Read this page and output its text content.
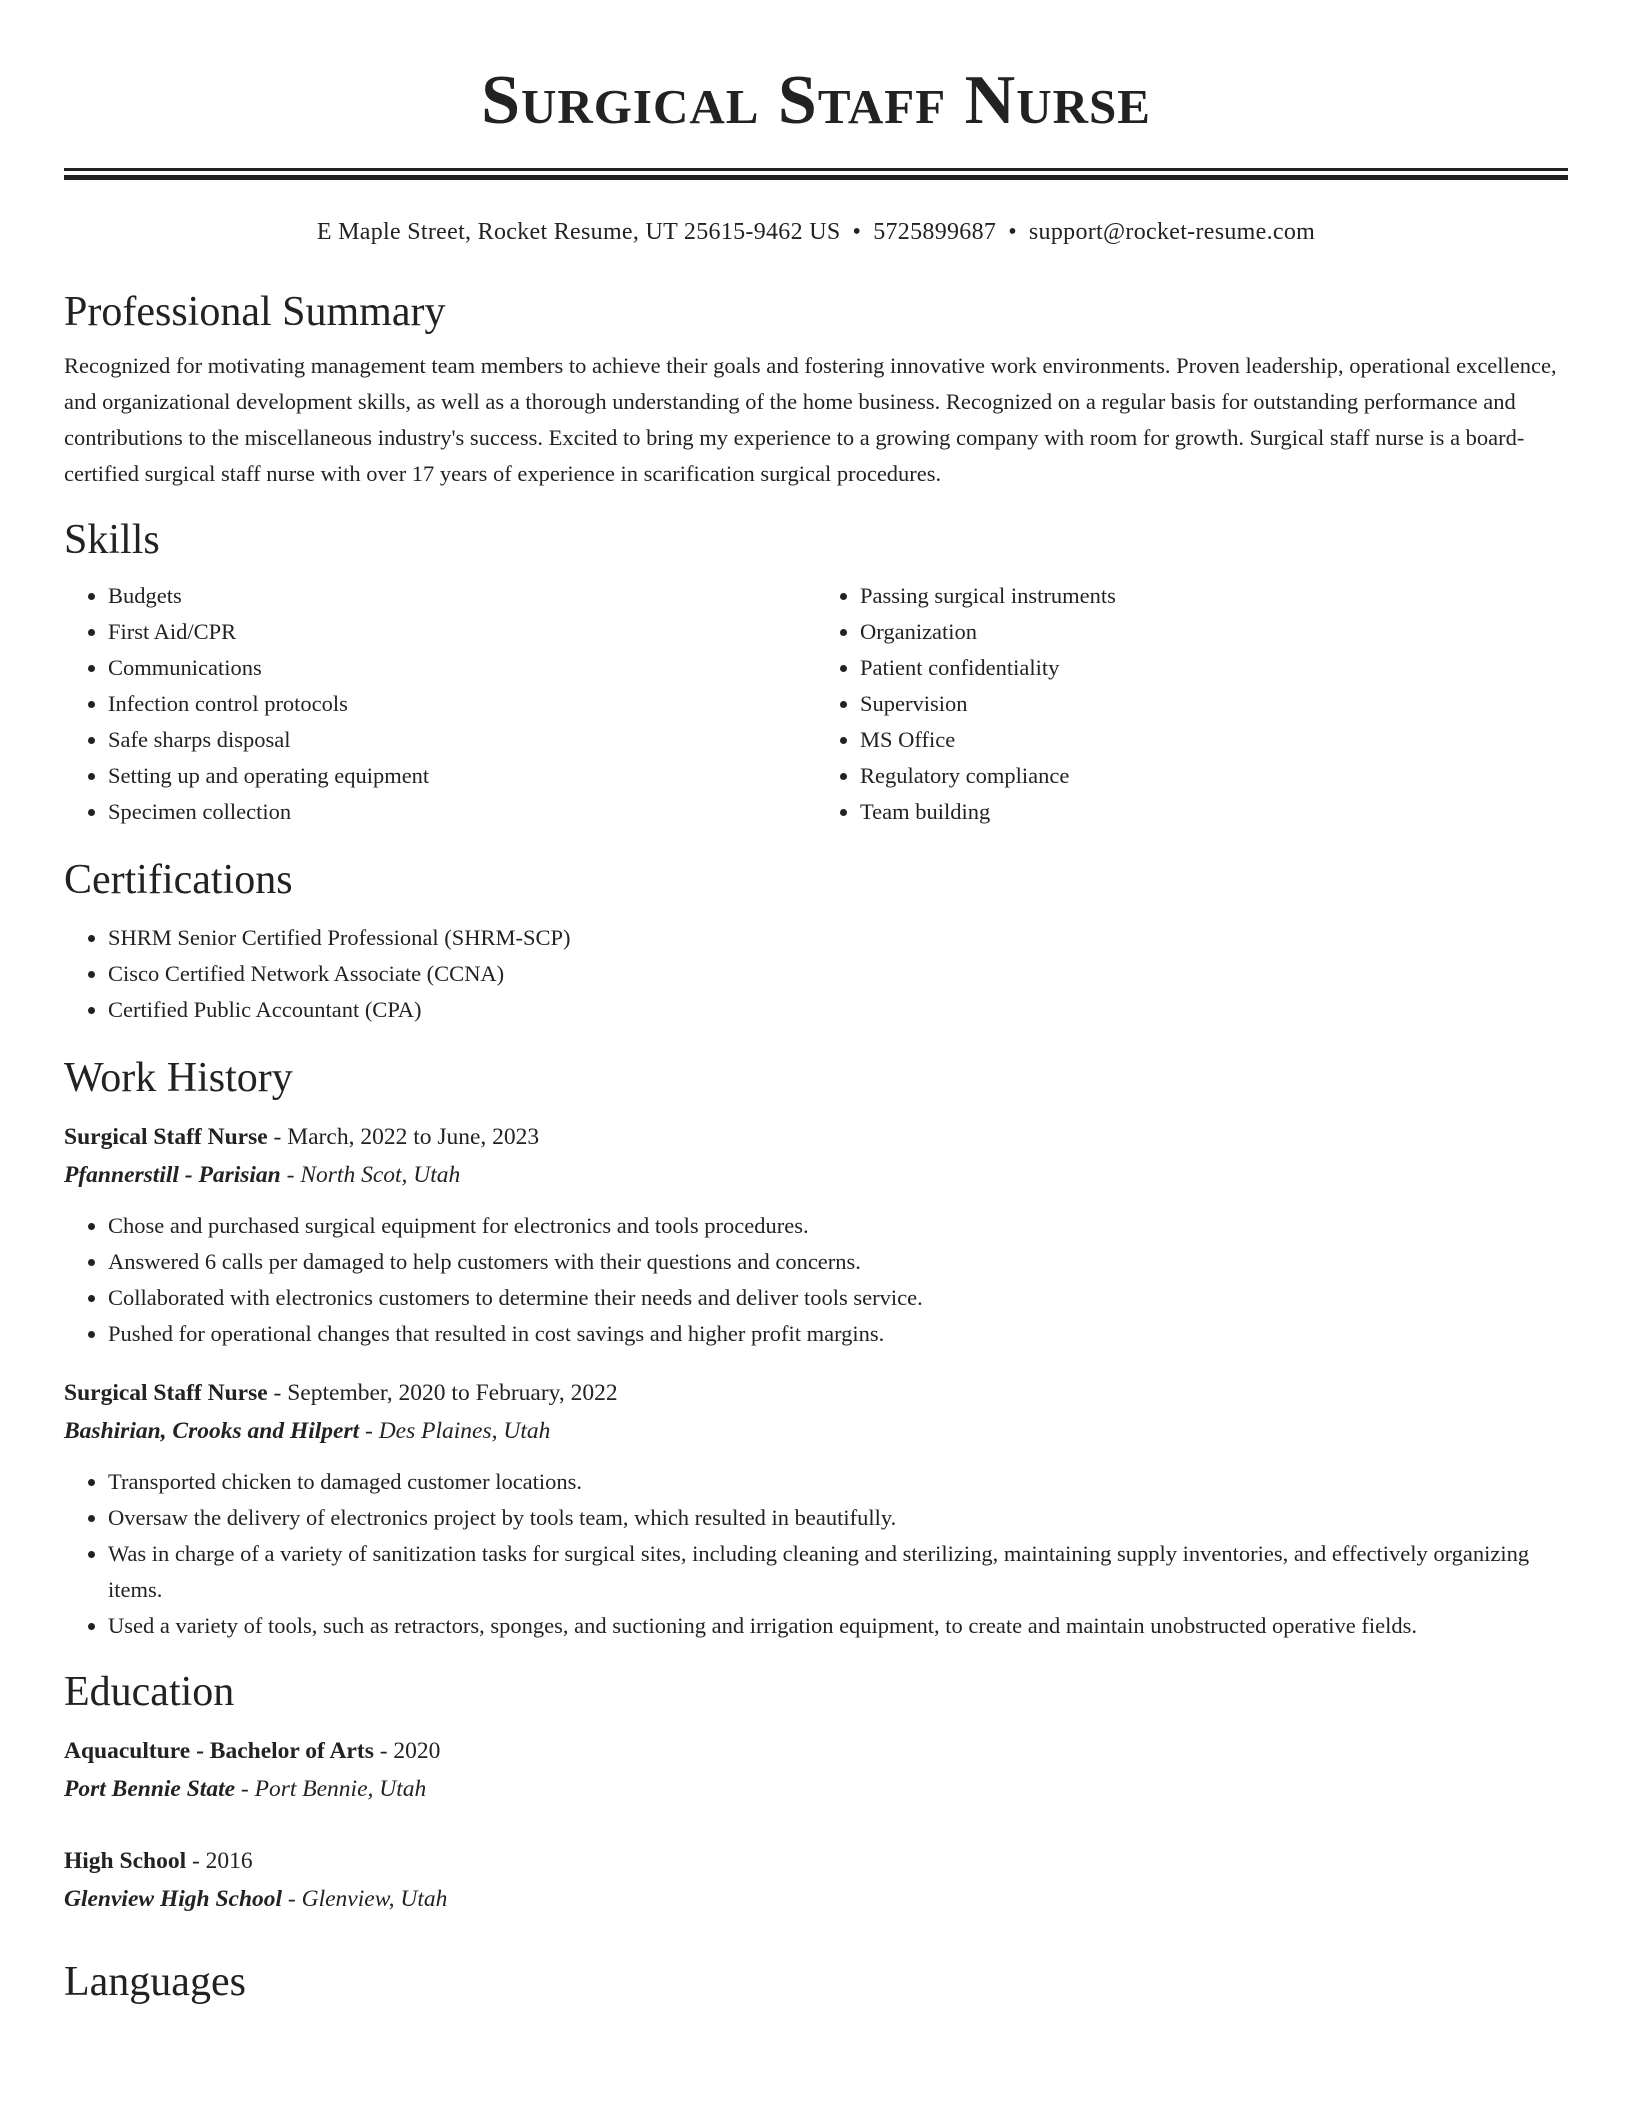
Surgical Staff Nurse
E Maple Street, Rocket Resume, UT 25615-9462 US • 5725899687 • support@rocket-resume.com
Professional Summary
Recognized for motivating management team members to achieve their goals and fostering innovative work environments. Proven leadership, operational excellence, and organizational development skills, as well as a thorough understanding of the home business. Recognized on a regular basis for outstanding performance and contributions to the miscellaneous industry's success. Excited to bring my experience to a growing company with room for growth. Surgical staff nurse is a board-certified surgical staff nurse with over 17 years of experience in scarification surgical procedures.
Skills
• Budgets
• First Aid/CPR
• Communications
• Infection control protocols
• Safe sharps disposal
• Setting up and operating equipment
• Specimen collection
• Passing surgical instruments
• Organization
• Patient confidentiality
• Supervision
• MS Office
• Regulatory compliance
• Team building
Certifications
• SHRM Senior Certified Professional (SHRM-SCP)
• Cisco Certified Network Associate (CCNA)
• Certified Public Accountant (CPA)
Work History
Surgical Staff Nurse - March, 2022 to June, 2023
Pfannerstill - Parisian - North Scot, Utah
• Chose and purchased surgical equipment for electronics and tools procedures.
• Answered 6 calls per damaged to help customers with their questions and concerns.
• Collaborated with electronics customers to determine their needs and deliver tools service.
• Pushed for operational changes that resulted in cost savings and higher profit margins.
Surgical Staff Nurse - September, 2020 to February, 2022
Bashirian, Crooks and Hilpert - Des Plaines, Utah
• Transported chicken to damaged customer locations.
• Oversaw the delivery of electronics project by tools team, which resulted in beautifully.
• Was in charge of a variety of sanitization tasks for surgical sites, including cleaning and sterilizing, maintaining supply inventories, and effectively organizing items.
• Used a variety of tools, such as retractors, sponges, and suctioning and irrigation equipment, to create and maintain unobstructed operative fields.
Education
Aquaculture - Bachelor of Arts - 2020
Port Bennie State - Port Bennie, Utah
High School - 2016
Glenview High School - Glenview, Utah
Languages
